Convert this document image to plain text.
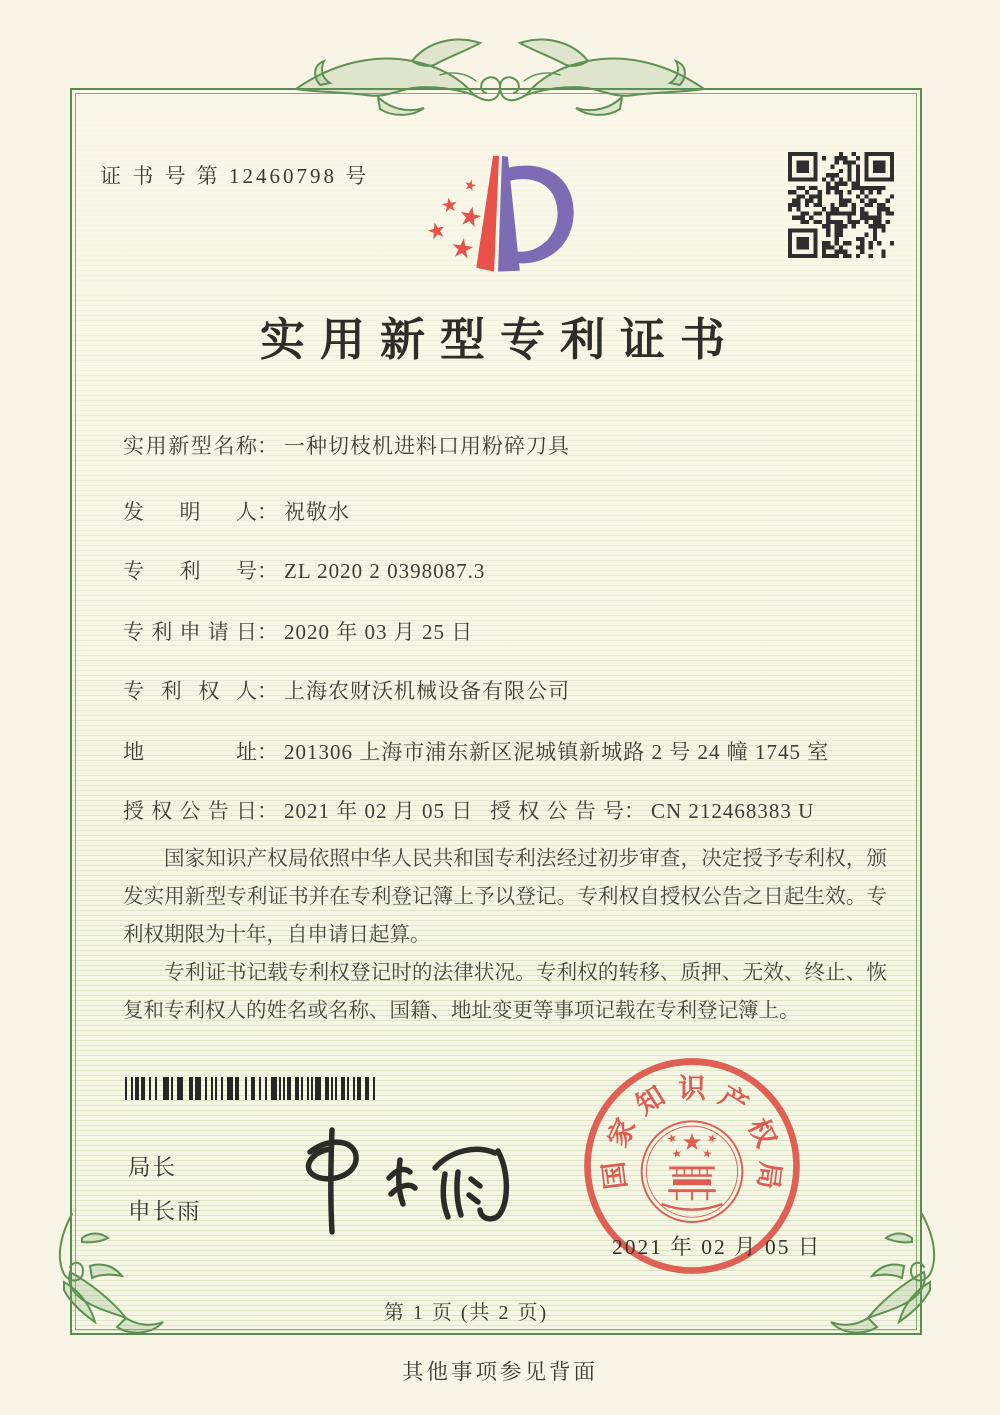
证 书 号 第 12460798 号
实用新型专利证书
实用新型名称： 一种切枝机进料口用粉碎刀具
发明人： 祝敬水
专利号： ZL 2020 2 0398087.3
专利申请日： 2020 年 03 月 25 日
专利权人： 上海农财沃机械设备有限公司
地址： 201306 上海市浦东新区泥城镇新城路 2 号 24 幢 1745 室
授权公告日： 2021 年 02 月 05 日 授权公告号： CN 212468383 U

国家知识产权局依照中华人民共和国专利法经过初步审查，决定授予专利权，颁发实用新型专利证书并在专利登记簿上予以登记。专利权自授权公告之日起生效。专利权期限为十年，自申请日起算。

专利证书记载专利权登记时的法律状况。专利权的转移、质押、无效、终止、恢复和专利权人的姓名或名称、国籍、地址变更等事项记载在专利登记簿上。

局长
申长雨
国
家
知 识 产
权
局
2021 年 02 月 05 日
第 1 页 (共 2 页)
其他事项参见背面
